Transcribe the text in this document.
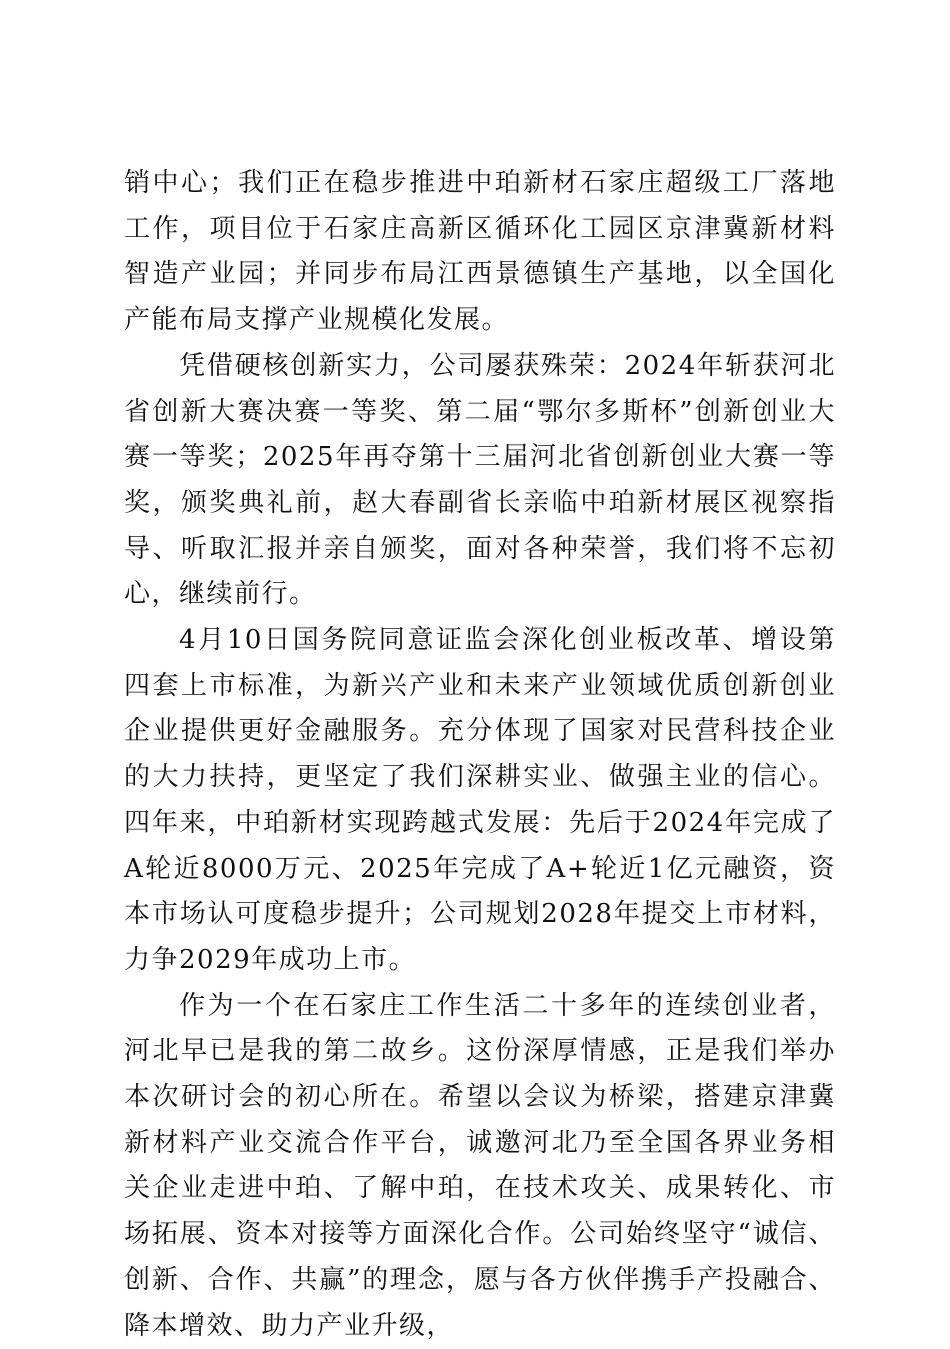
销中心；我们正在稳步推进中珀新材石家庄超级工厂落地工作，项目位于石家庄高新区循环化工园区京津冀新材料智造产业园；并同步布局江西景德镇生产基地，以全国化产能布局支撑产业规模化发展。

凭借硬核创新实力，公司屡获殊荣：2024年斩获河北省创新大赛决赛一等奖、第二届“鄂尔多斯杯”创新创业大赛一等奖；2025年再夺第十三届河北省创新创业大赛一等奖，颁奖典礼前，赵大春副省长亲临中珀新材展区视察指导、听取汇报并亲自颁奖，面对各种荣誉，我们将不忘初心，继续前行。

4月10日国务院同意证监会深化创业板改革、增设第四套上市标准，为新兴产业和未来产业领域优质创新创业企业提供更好金融服务。充分体现了国家对民营科技企业的大力扶持，更坚定了我们深耕实业、做强主业的信心。四年来，中珀新材实现跨越式发展：先后于2024年完成了A轮近8000万元、2025年完成了A+轮近1亿元融资，资本市场认可度稳步提升；公司规划2028年提交上市材料，力争2029年成功上市。

作为一个在石家庄工作生活二十多年的连续创业者，河北早已是我的第二故乡。这份深厚情感，正是我们举办本次研讨会的初心所在。希望以会议为桥梁，搭建京津冀新材料产业交流合作平台，诚邀河北乃至全国各界业务相关企业走进中珀、了解中珀，在技术攻关、成果转化、市场拓展、资本对接等方面深化合作。公司始终坚守“诚信、创新、合作、共赢”的理念，愿与各方伙伴携手产投融合、降本增效、助力产业升级，
